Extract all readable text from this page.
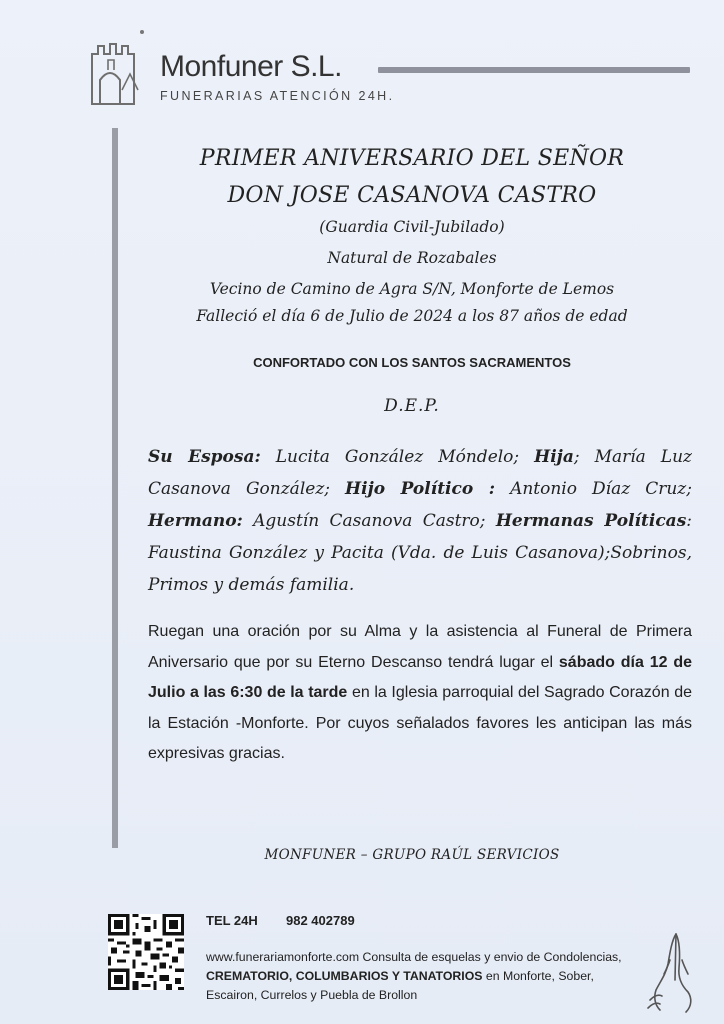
Monfuner S.L.
FUNERARIAS ATENCIÓN 24H.
PRIMER ANIVERSARIO DEL SEÑOR
DON JOSE CASANOVA CASTRO
(Guardia Civil-Jubilado)
Natural de Rozabales
Vecino de Camino de Agra S/N, Monforte de Lemos
Falleció el día 6 de Julio de 2024 a los 87 años de edad
CONFORTADO CON LOS SANTOS SACRAMENTOS
D.E.P.

Su Esposa: Lucita González Móndelo; Hija; María Luz Casanova González; Hijo Político : Antonio Díaz Cruz; Hermano: Agustín Casanova Castro; Hermanas Políticas: Faustina González y Pacita (Vda. de Luis Casanova);Sobrinos, Primos y demás familia.

Ruegan una oración por su Alma y la asistencia al Funeral de Primera Aniversario que por su Eterno Descanso tendrá lugar el sábado día 12 de Julio a las 6:30 de la tarde en la Iglesia parroquial del Sagrado Corazón de la Estación -Monforte. Por cuyos señalados favores les anticipan las más expresivas gracias.

MONFUNER – GRUPO RAÚL SERVICIOS
TEL 24H 982 402789

www.funerariamonforte.com Consulta de esquelas y envio de Condolencias, CREMATORIO, COLUMBARIOS Y TANATORIOS en Monforte, Sober, Escairon, Currelos y Puebla de Brollon
